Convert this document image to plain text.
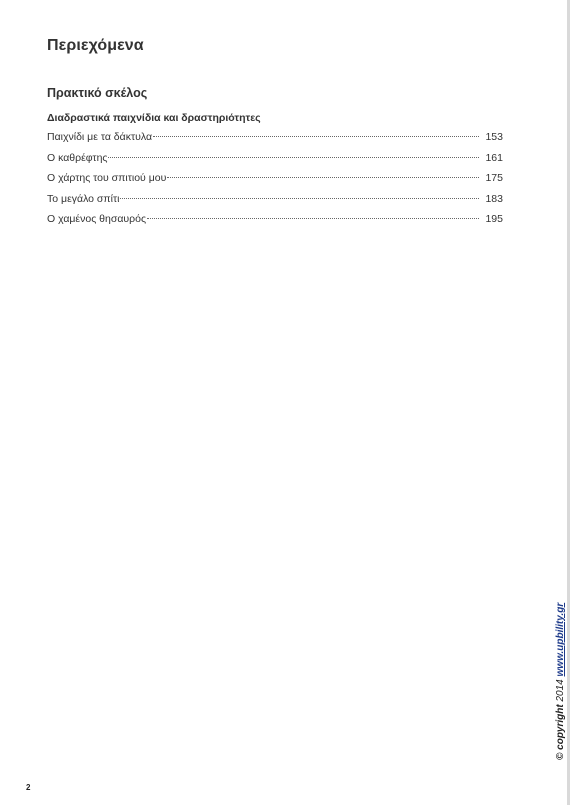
Περιεχόμενα
Πρακτικό σκέλος
Διαδραστικά παιχνίδια και δραστηριότητες
Παιχνίδι με τα δάκτυλα	153
Ο καθρέφτης	161
Ο χάρτης του σπιτιού μου	175
Το μεγάλο σπίτι	183
Ο χαμένος θησαυρός	195
© copyright 2014 www.upbility.gr
2
